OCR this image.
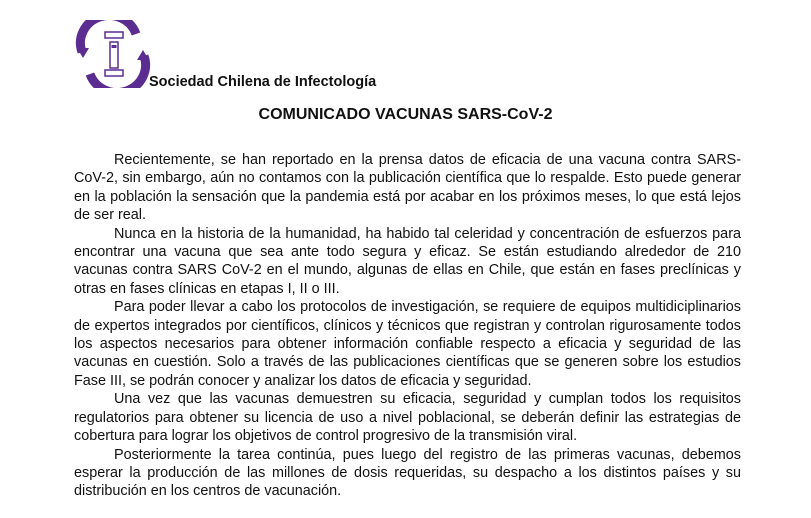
Sociedad Chilena de Infectología
COMUNICADO VACUNAS SARS-CoV-2

Recientemente, se han reportado en la prensa datos de eficacia de una vacuna contra SARS-CoV-2, sin embargo, aún no contamos con la publicación científica que lo respalde. Esto puede generar en la población la sensación que la pandemia está por acabar en los próximos meses, lo que está lejos de ser real.

Nunca en la historia de la humanidad, ha habido tal celeridad y concentración de esfuerzos para encontrar una vacuna que sea ante todo segura y eficaz. Se están estudiando alrededor de 210 vacunas contra SARS CoV-2 en el mundo, algunas de ellas en Chile, que están en fases preclínicas y otras en fases clínicas en etapas I, II o III.

Para poder llevar a cabo los protocolos de investigación, se requiere de equipos multidiciplinarios de expertos integrados por científicos, clínicos y técnicos que registran y controlan rigurosamente todos los aspectos necesarios para obtener información confiable respecto a eficacia y seguridad de las vacunas en cuestión. Solo a través de las publicaciones científicas que se generen sobre los estudios Fase III, se podrán conocer y analizar los datos de eficacia y seguridad.

Una vez que las vacunas demuestren su eficacia, seguridad y cumplan todos los requisitos regulatorios para obtener su licencia de uso a nivel poblacional, se deberán definir las estrategias de cobertura para lograr los objetivos de control progresivo de la transmisión viral.

Posteriormente la tarea continúa, pues luego del registro de las primeras vacunas, debemos esperar la producción de las millones de dosis requeridas, su despacho a los distintos países y su distribución en los centros de vacunación.
